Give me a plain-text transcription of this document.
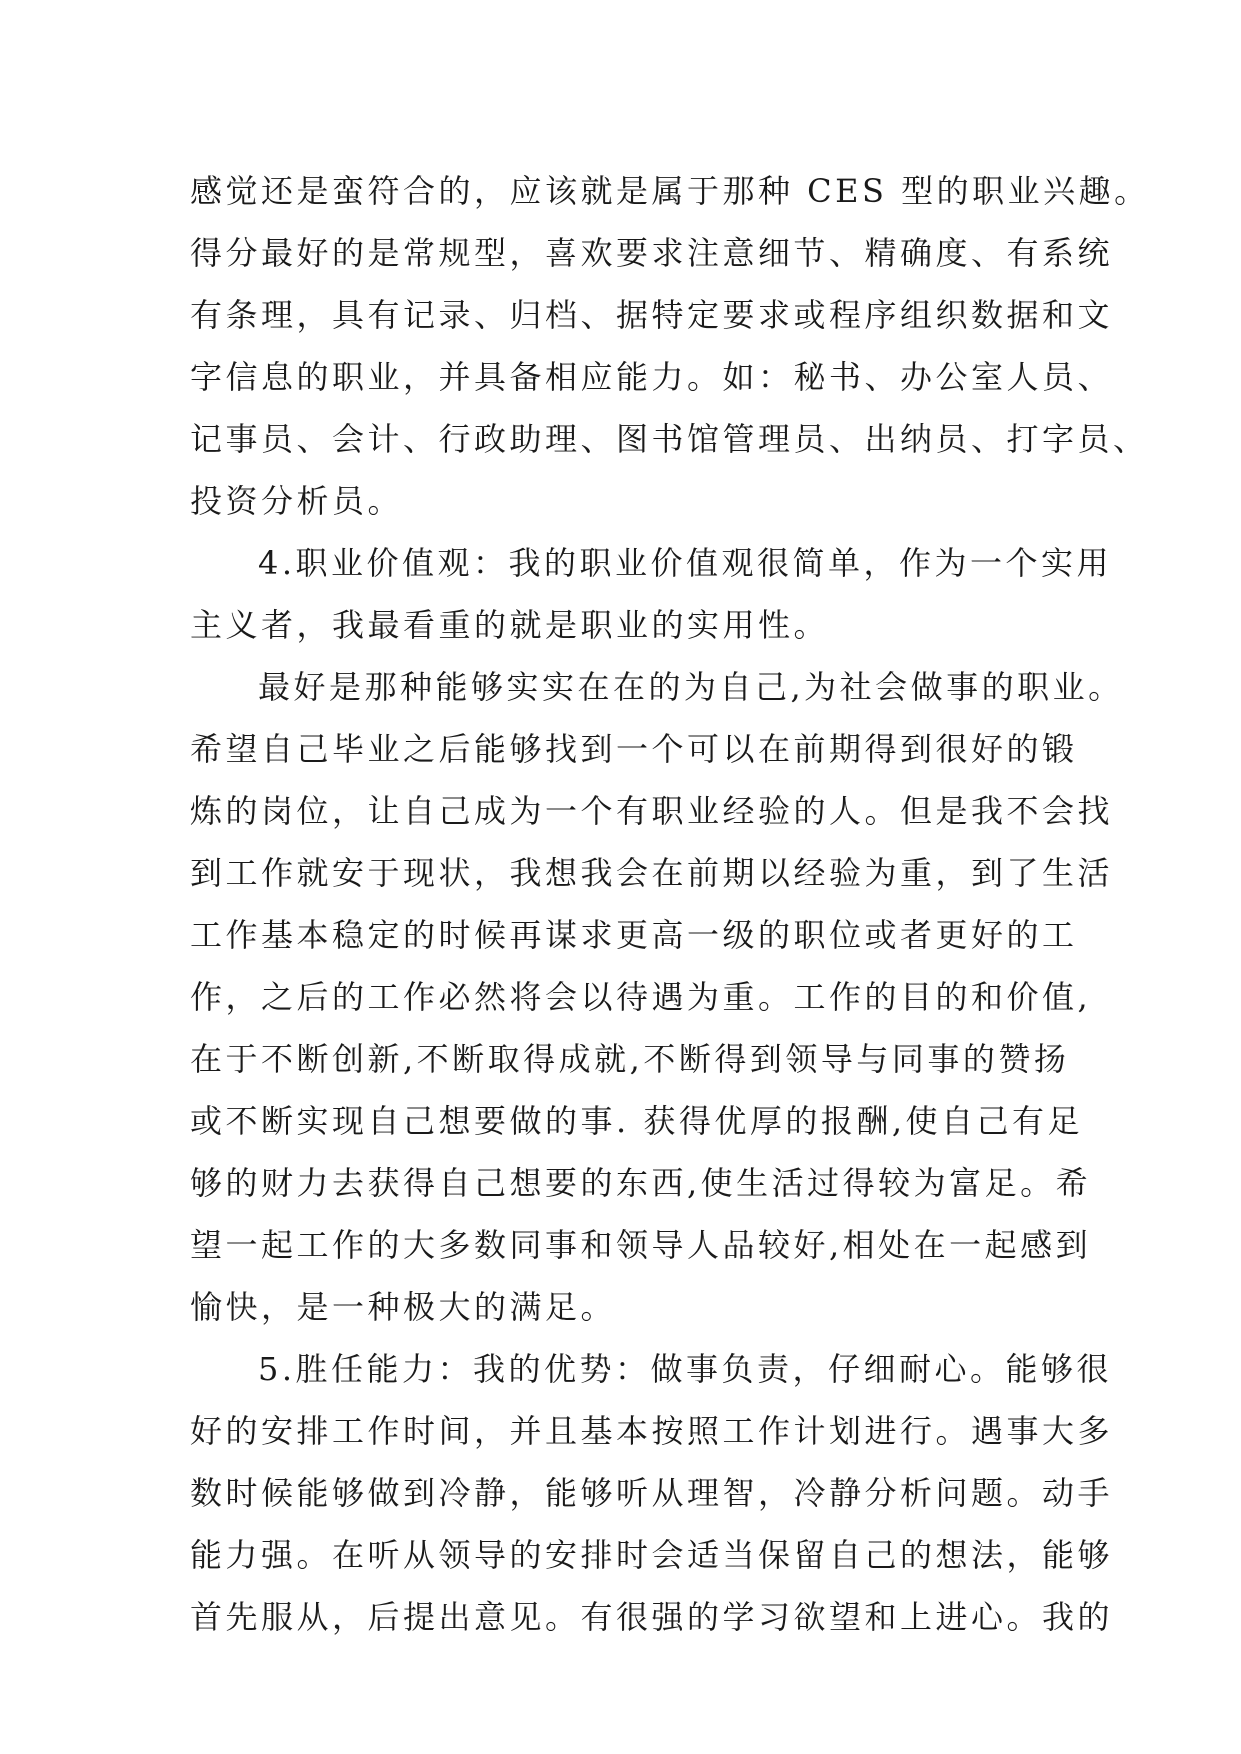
感觉还是蛮符合的，应该就是属于那种 CES 型的职业兴趣。
得分最好的是常规型，喜欢要求注意细节、精确度、有系统
有条理，具有记录、归档、据特定要求或程序组织数据和文
字信息的职业，并具备相应能力。如：秘书、办公室人员、
记事员、会计、行政助理、图书馆管理员、出纳员、打字员、
投资分析员。

4.职业价值观：我的职业价值观很简单，作为一个实用
主义者，我最看重的就是职业的实用性。

最好是那种能够实实在在的为自己,为社会做事的职业。
希望自己毕业之后能够找到一个可以在前期得到很好的锻
炼的岗位，让自己成为一个有职业经验的人。但是我不会找
到工作就安于现状，我想我会在前期以经验为重，到了生活
工作基本稳定的时候再谋求更高一级的职位或者更好的工
作，之后的工作必然将会以待遇为重。工作的目的和价值,
在于不断创新,不断取得成就,不断得到领导与同事的赞扬
或不断实现自己想要做的事. 获得优厚的报酬,使自己有足
够的财力去获得自己想要的东西,使生活过得较为富足。希
望一起工作的大多数同事和领导人品较好,相处在一起感到
愉快，是一种极大的满足。

5.胜任能力：我的优势：做事负责，仔细耐心。能够很
好的安排工作时间，并且基本按照工作计划进行。遇事大多
数时候能够做到冷静，能够听从理智，冷静分析问题。动手
能力强。在听从领导的安排时会适当保留自己的想法，能够
首先服从，后提出意见。有很强的学习欲望和上进心。我的
